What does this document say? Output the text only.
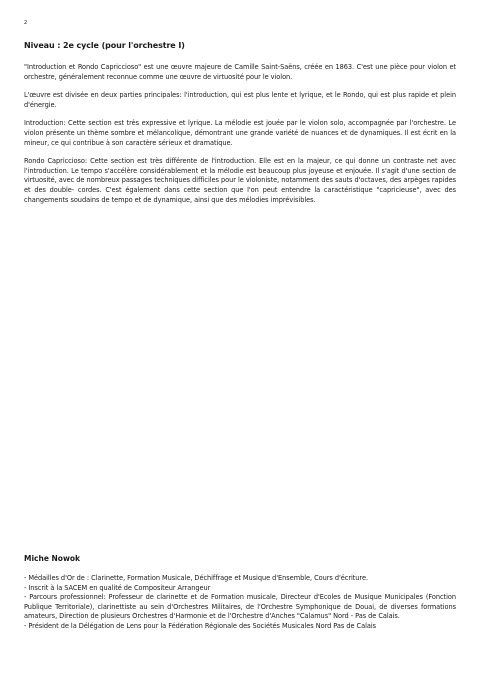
2
Niveau : 2e cycle (pour l'orchestre I)

"Introduction et Rondo Capriccioso" est une œuvre majeure de Camille Saint-Saëns, créée en 1863. C'est une pièce pour violon et orchestre, généralement reconnue comme une œuvre de virtuosité pour le violon.

L'œuvre est divisée en deux parties principales: l'introduction, qui est plus lente et lyrique, et le Rondo, qui est plus rapide et plein d'énergie.

Introduction: Cette section est très expressive et lyrique. La mélodie est jouée par le violon solo, accompagnée par l'orchestre. Le violon présente un thème sombre et mélancolique, démontrant une grande variété de nuances et de dynamiques. Il est écrit en la mineur, ce qui contribue à son caractère sérieux et dramatique.

Rondo Capriccioso: Cette section est très différente de l'introduction. Elle est en la majeur, ce qui donne un contraste net avec l'introduction. Le tempo s'accélère considérablement et la mélodie est beaucoup plus joyeuse et enjouée. Il s'agit d'une section de virtuosité, avec de nombreux passages techniques difficiles pour le violoniste, notamment des sauts d'octaves, des arpèges rapides et des double- cordes. C'est également dans cette section que l'on peut entendre la caractéristique "capricieuse", avec des changements soudains de tempo et de dynamique, ainsi que des mélodies imprévisibles.

Miche Nowok
- Médailles d'Or de : Clarinette, Formation Musicale, Déchiffrage et Musique d'Ensemble, Cours d'écriture.
- Inscrit à la SACEM en qualité de Compositeur Arrangeur
- Parcours professionnel: Professeur de clarinette et de Formation musicale, Directeur d'Ecoles de Musique Municipales (Fonction Publique Territoriale), clarinettiste au sein d'Orchestres Militaires, de l'Orchestre Symphonique de Douai, de diverses formations amateurs, Direction de plusieurs Orchestres d'Harmonie et de l'Orchestre d'Anches "Calamus" Nord - Pas de Calais.
- Président de la Délégation de Lens pour la Fédération Régionale des Sociétés Musicales Nord Pas de Calais
